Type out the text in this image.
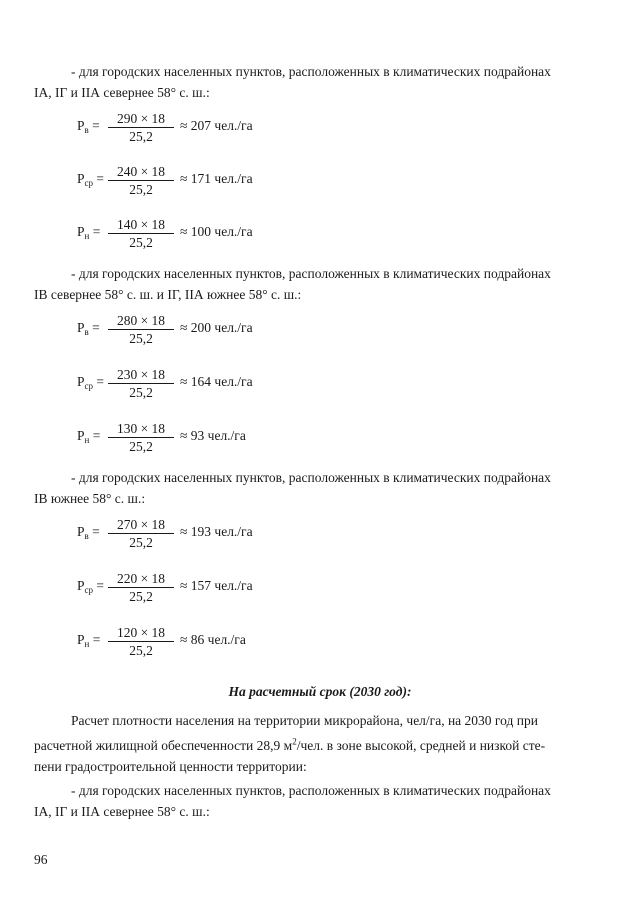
- для городских населенных пунктов, расположенных в климатических подрайонах
IА, IГ и IIА севернее 58° с. ш.:

$Р_в$ =	290 × 18
25,2
≈ 207 чел./га
$Р_{ср} = 240 \times 18$
25,2
≈ 171 чел./га
$Р_н$ =	140 × 18
25,2
≈ 100 чел./га

- для городских населенных пунктов, расположенных в климатических подрайонах
IВ севернее 58° с. ш. и IГ, IIА южнее 58° с. ш.:

$Р_в$ =	280 × 18
25,2
≈ 200 чел./га
$Р_{ср} = 230 \times 18$
25,2
≈ 164 чел./га
$Р_н$ =	130 × 18
25,2
≈ 93 чел./га

- для городских населенных пунктов, расположенных в климатических подрайонах
IВ южнее 58° с. ш.:

$Р_в$ =	270 × 18
25,2
≈ 193 чел./га
$Р_{ср} = 220 \times 18$
25,2
≈ 157 чел./га
$Р_н$ =	120 × 18
25,2
≈ 86 чел./га
На расчетный срок (2030 год):

Расчет плотности населения на территории микрорайона, чел/га, на 2030 год при
расчетной жилищной обеспеченности 28,9 $м^2$/чел. в зоне высокой, средней и низкой сте-
пени градостроительной ценности территории:

- для городских населенных пунктов, расположенных в климатических подрайонах
IА, IГ и IIА севернее 58° с. ш.:

96
